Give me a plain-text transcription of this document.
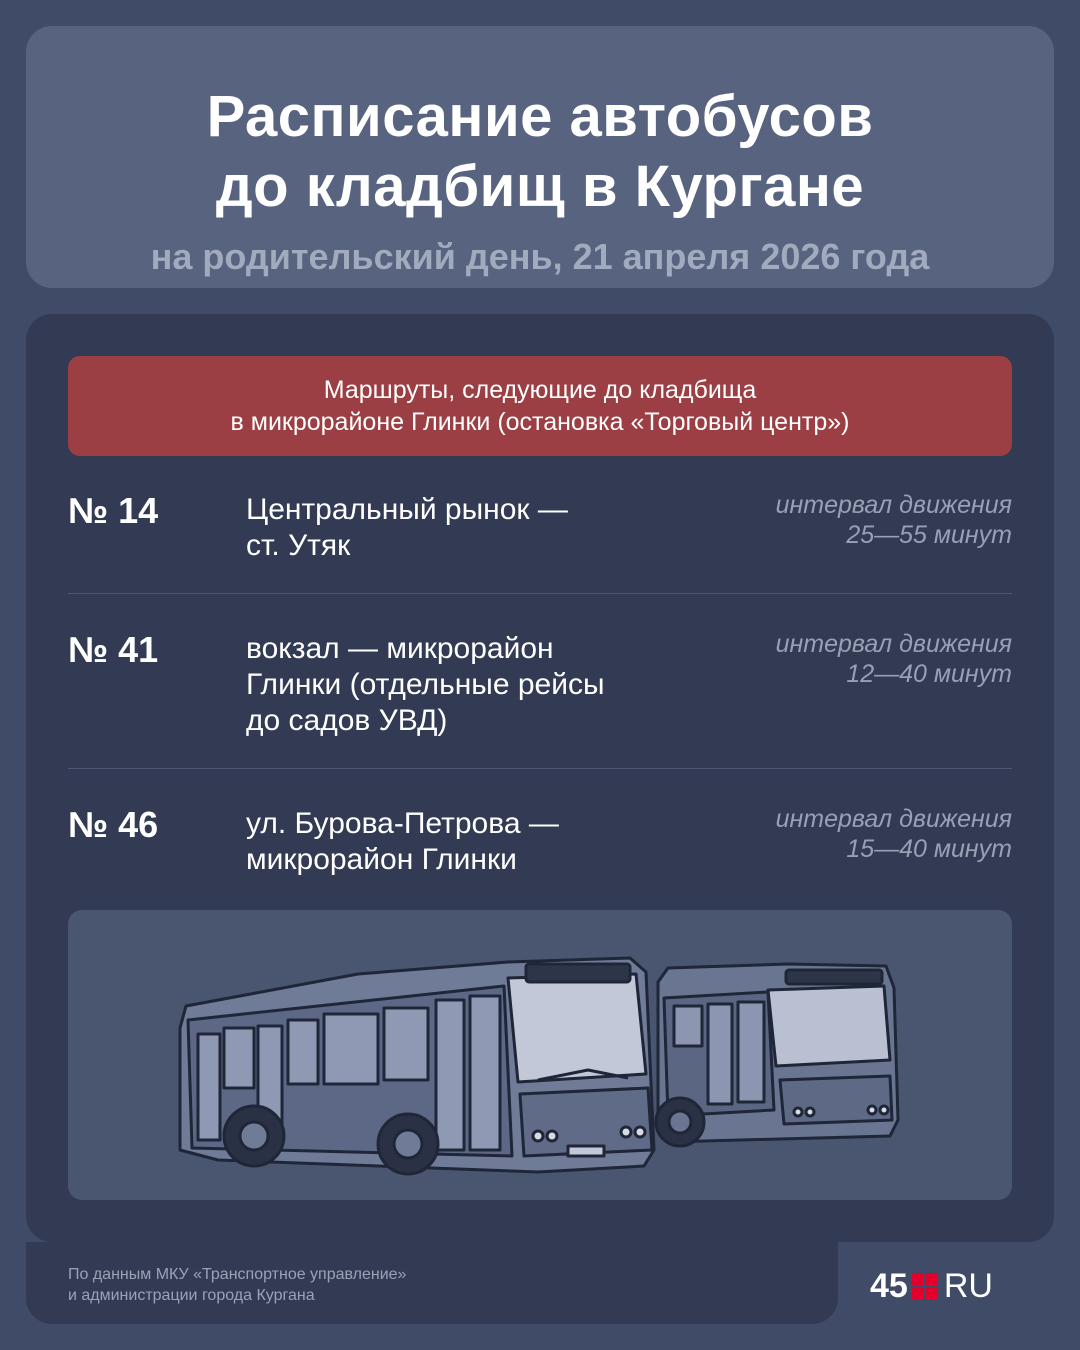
Расписание автобусов
до кладбищ в Кургане
на родительский день, 21 апреля 2026 года
Маршруты, следующие до кладбища
в микрорайоне Глинки (остановка «Торговый центр»)
№ 14	Центральный рынок —
ст. Утяк
интервал движения
25—55 минут
№ 41	вокзал — микрорайон
Глинки (отдельные рейсы
до садов УВД)
интервал движения
12—40 минут
№ 46	ул. Бурова-Петрова —
микрорайон Глинки
интервал движения
15—40 минут
По данным МКУ «Транспортное управление»
и администрации города Кургана	45 RU
